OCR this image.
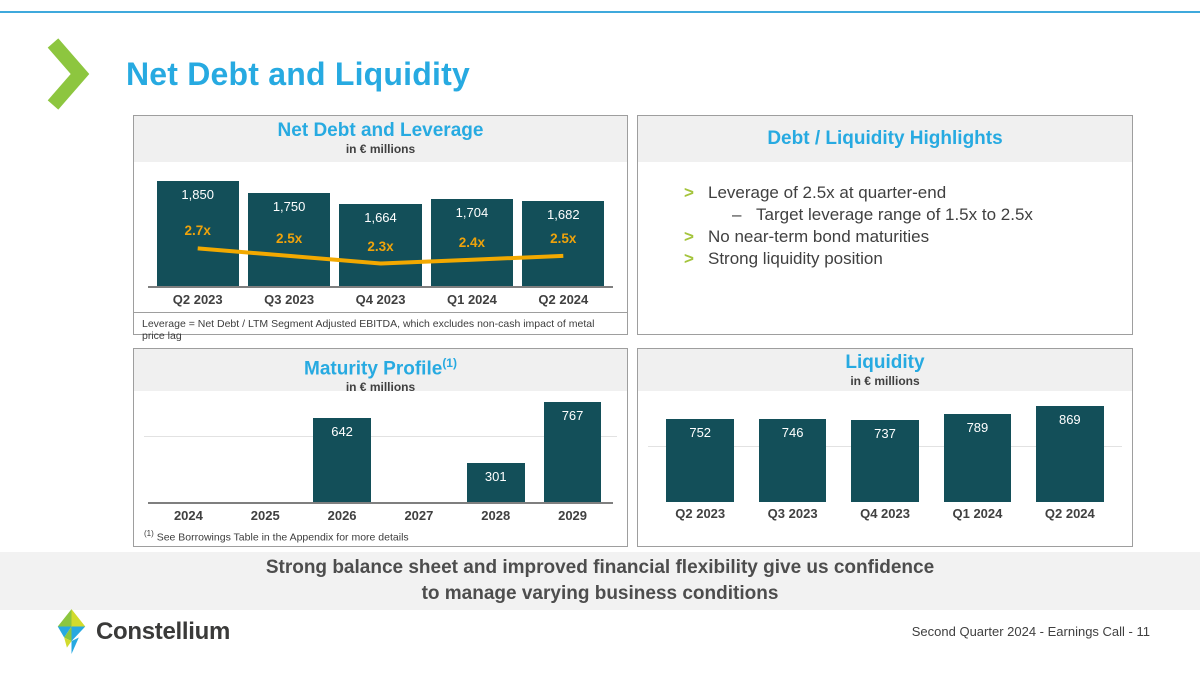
Net Debt and Liquidity
Net Debt and Leverage
in € millions
1,850
1,750
1,664	1,704	1,682
2.7x	2.5x
2.3x	2.4x	2.5x
Q2 2023	Q3 2023	Q4 2023	Q1 2024	Q2 2024
Leverage = Net Debt / LTM Segment Adjusted EBITDA, which excludes non-cash impact of metal price lag
Debt / Liquidity Highlights
> Leverage of 2.5x at quarter-end
– Target leverage range of 1.5x to 2.5x
> No near-term bond maturities
> Strong liquidity position
Maturity Profile$^{(1)}$
in € millions
642
301
767
2024	2025	2026	2027	2028	2029
$^{(1)}$ See Borrowings Table in the Appendix for more details
Liquidity
in € millions
752	746	737	789
869
Q2 2023	Q3 2023	Q4 2023	Q1 2024	Q2 2024
Strong balance sheet and improved financial flexibility give us confidence
to manage varying business conditions
Constellium	Second Quarter 2024 - Earnings Call - 11
